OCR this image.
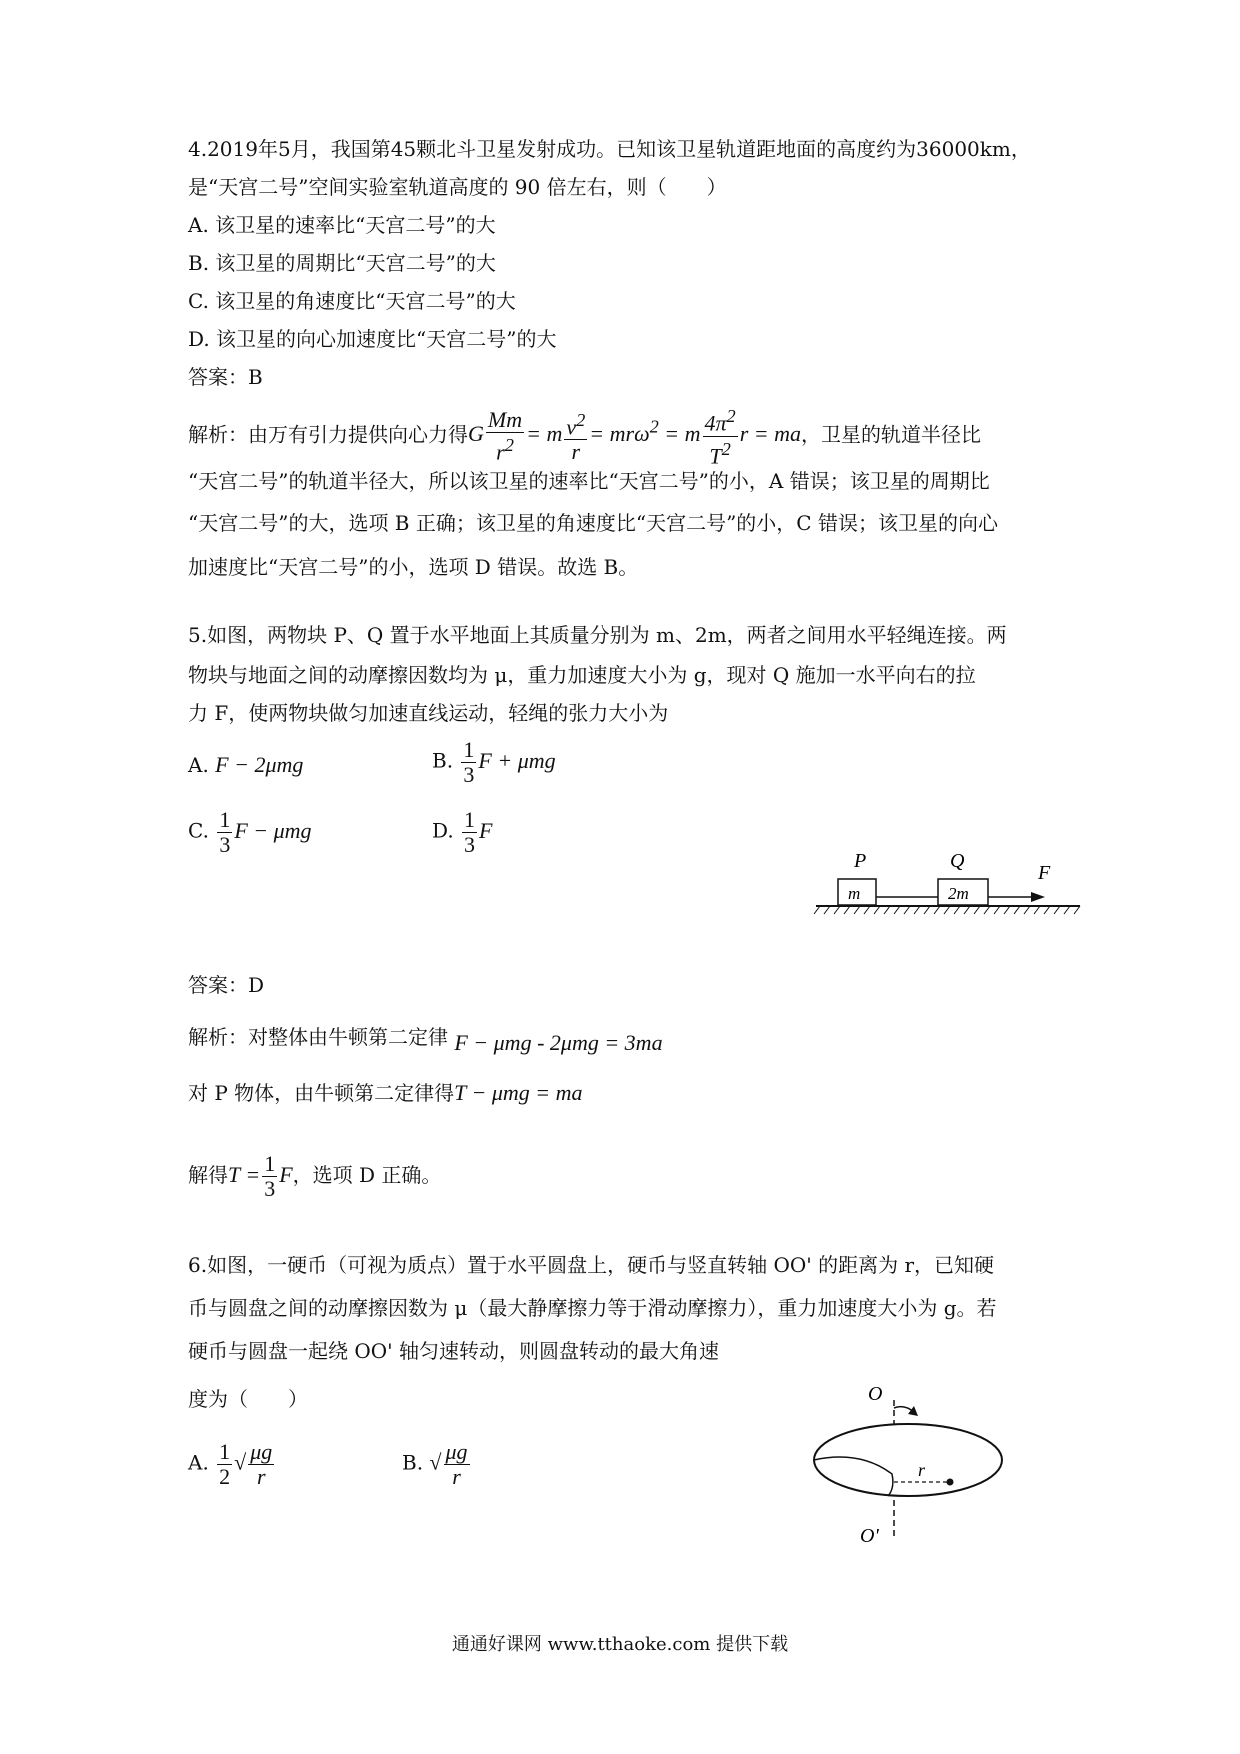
4.2019年5月，我国第45颗北斗卫星发射成功。已知该卫星轨道距地面的高度约为36000km，
是“天宫二号”空间实验室轨道高度的 90 倍左右，则（　　）
A. 该卫星的速率比“天宫二号”的大
B. 该卫星的周期比“天宫二号”的大
C. 该卫星的角速度比“天宫二号”的大
D. 该卫星的向心加速度比“天宫二号”的大
答案：B
解析：由万有引力提供向心力得G $\frac{Mm}{r^2} = m \frac{v^2}{r} = mr\omega^2 = m \frac{4\pi^2}{T^2}$ r = ma，卫星的轨道半径比
“天宫二号”的轨道半径大，所以该卫星的速率比“天宫二号”的小，A 错误；该卫星的周期比
“天宫二号”的大，选项 B 正确；该卫星的角速度比“天宫二号”的小，C 错误；该卫星的向心
加速度比“天宫二号”的小，选项 D 错误。故选 B。
5.如图，两物块 P、Q 置于水平地面上其质量分别为 m、2m，两者之间用水平轻绳连接。两
物块与地面之间的动摩擦因数均为 μ，重力加速度大小为 g，现对 Q 施加一水平向右的拉
力 F，使两物块做匀加速直线运动，轻绳的张力大小为
A. F − 2μmg	B. $\frac{1}{3}$ F + μmg
C. $\frac{1}{3}$ F − μmg	D. $\frac{1}{3}$ F
P	Q
F
m	2m
答案：D
解析：对整体由牛顿第二定律 F − μmg - 2μmg = 3ma
对 P 物体，由牛顿第二定律得T − μmg = ma
解得$T = \frac{1}{3}$ F，选项 D 正确。
6.如图，一硬币（可视为质点）置于水平圆盘上，硬币与竖直转轴 OO' 的距离为 r，已知硬
币与圆盘之间的动摩擦因数为 μ（最大静摩擦力等于滑动摩擦力），重力加速度大小为 g。若
硬币与圆盘一起绕 OO' 轴匀速转动，则圆盘转动的最大角速
度为（　　）
A. $\frac{1}{2}$ √ $\frac{\mu g}{r}$	B. √ $\frac{\mu g}{r}$
O
O'
r
通通好课网 www.tthaoke.com 提供下载
